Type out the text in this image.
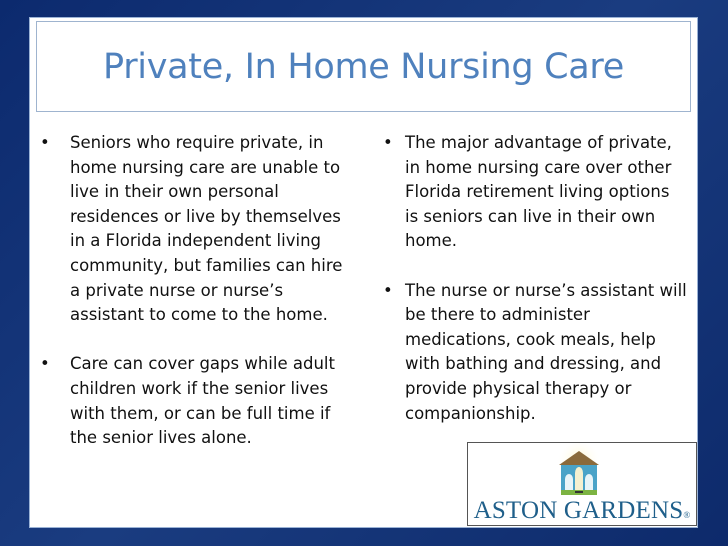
Private, In Home Nursing Care
• Seniors who require private, in
home nursing care are unable to
live in their own personal
residences or live by themselves
in a Florida independent living
community, but families can hire
a private nurse or nurse’s
assistant to come to the home.
• Care can cover gaps while adult
children work if the senior lives
with them, or can be full time if
the senior lives alone.
• The major advantage of private,
in home nursing care over other
Florida retirement living options
is seniors can live in their own
home.
• The nurse or nurse’s assistant will
be there to administer
medications, cook meals, help
with bathing and dressing, and
provide physical therapy or
companionship.
ASTON GARDENS®
